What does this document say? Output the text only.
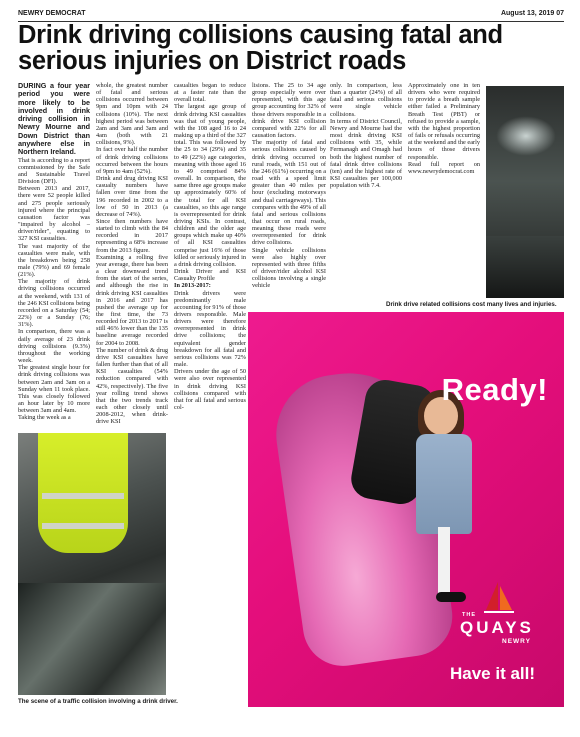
NEWRY DEMOCRAT	August 13, 2019 07
Drink driving collisions causing fatal and serious injuries on District roads

DURING a four year period you were more likely to be involved in drink driving collision in Newry Mourne and Down District than anywhere else in Northern Ireland.

That is according to a report commissioned by the Safe and Sustainable Travel Division (DFI).

Between 2013 and 2017, there were 52 people killed and 275 people seriously injured where the principal causation factor was "impaired by alcohol – driver/rider", equating to 327 KSI casualties.

The vast majority of the casualties were male, with the breakdown being 258 male (79%) and 69 female (21%).

The majority of drink driving collisions occurred at the weekend, with 131 of the 246 KSI collisions being recorded on a Saturday (54; 22%) or a Sunday (76; 31%).

In comparison, there was a daily average of 23 drink driving collisions (9.3%) throughout the working week.

The greatest single hour for drink driving collisions was between 2am and 3am on a Sunday when 11 took place. This was closely followed an hour later by 10 more between 3am and 4am.

Taking the week as a

whole, the greatest number of fatal and serious collisions occurred between 9pm and 10pm with 24 collisions (10%). The next highest period was between 2am and 3am and 3am and 4am (both with 21 collisions, 9%).

In fact over half the number of drink driving collisions occurred between the hours of 9pm to 4am (52%).

Drink and drug driving KSI casualty numbers have fallen over time from the 196 recorded in 2002 to a low of 50 in 2013 (a decrease of 74%).

Since then numbers have started to climb with the 84 recorded in 2017 representing a 68% increase from the 2013 figure.

Examining a rolling five year average, there has been a clear downward trend from the start of the series, and although the rise in drink driving KSI casualties in 2016 and 2017 has pushed the average up for the first time, the 73 recorded for 2013 to 2017 is still 46% lower than the 135 baseline average recorded for 2004 to 2008.

The number of drink & drug drive KSI casualties have fallen further than that of all KSI casualties (54% reduction compared with 42%, respectively). The five year rolling trend shows that the two trends track each other closely until 2008-2012, when drink-drive KSI

casualties began to reduce at a faster rate than the overall total.

The largest age group of drink driving KSI casualties was that of young people, with the 108 aged 16 to 24 making up a third of the 327 total. This was followed by the 25 to 34 (29%) and 35 to 49 (22%) age categories, meaning with those aged 16 to 49 comprised 84% overall. In comparison, the same three age groups make up approximately 60% of the total for all KSI casualties, so this age range is overrepresented for drink driving KSIs. In contrast, children and the older age groups which make up 40% of all KSI casualties comprise just 16% of those killed or seriously injured in a drink driving collision.

Drink Driver and KSI Casualty Profile

In 2013-2017:

Drink drivers were predominantly male accounting for 91% of those drivers responsible. Male drivers were therefore overrepresented in drink drive collisions; the equivalent gender breakdown for all fatal and serious collisions was 72% male.

Drivers under the age of 50 were also over represented in drink driving KSI collisions compared with that for all fatal and serious col-

lisions. The 25 to 34 age group especially were over represented, with this age group accounting for 32% of those drivers responsible in a drink drive KSI collision compared with 22% for all causation factors.

The majority of fatal and serious collisions caused by drink driving occurred on rural roads, with 151 out of the 246 (61%) occurring on a road with a speed limit greater than 40 miles per hour (excluding motorways and dual carriageways). This compares with the 49% of all fatal and serious collisions that occur on rural roads, meaning these roads were overrepresented for drink drive collisions.

Single vehicle collisions were also highly over represented with three fifths of driver/rider alcohol KSI collisions involving a single vehicle

only. In comparison, less than a quarter (24%) of all fatal and serious collisions were single vehicle collisions.

In terms of District Council, Newry and Mourne had the most drink driving KSI collisions with 35, while Fermanagh and Omagh had both the highest number of fatal drink drive collisions (ten) and the highest rate of KSI casualties per 100,000 population with 7.4.

Approximately one in ten drivers who were required to provide a breath sample either failed a Preliminary Breath Test (PBT) or refused to provide a sample, with the highest proportion of fails or refusals occurring at the weekend and the early hours of those drivers responsible.

Read full report on www.newrydemocrat.com

Drink drive related collisions cost many lives and injuries.
The scene of a traffic collision involving a drink driver.
Ready!
THE
QUAYS
NEWRY
Have it all!
